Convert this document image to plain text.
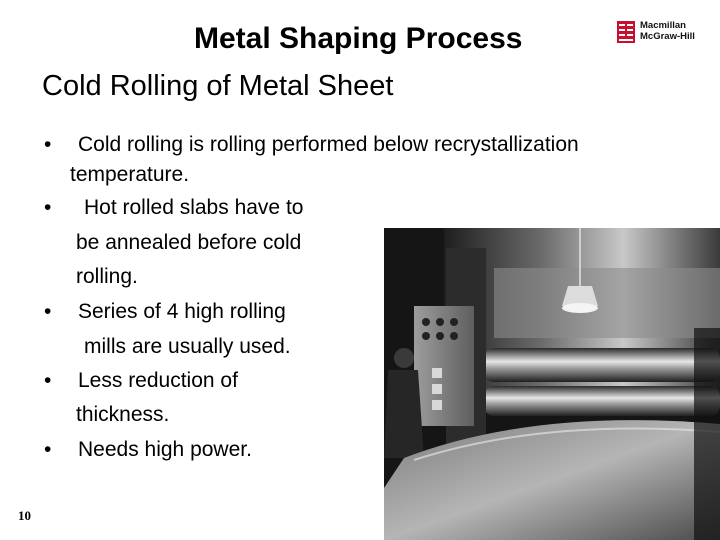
Metal Shaping Process	Macmillan
McGraw-Hill
Cold Rolling of Metal Sheet
• Cold rolling is rolling performed below recrystallization
temperature.
• Hot rolled slabs have to
be annealed before cold
rolling.
• Series of 4 high rolling
mills are usually used.
• Less reduction of
thickness.
• Needs high power.
10
